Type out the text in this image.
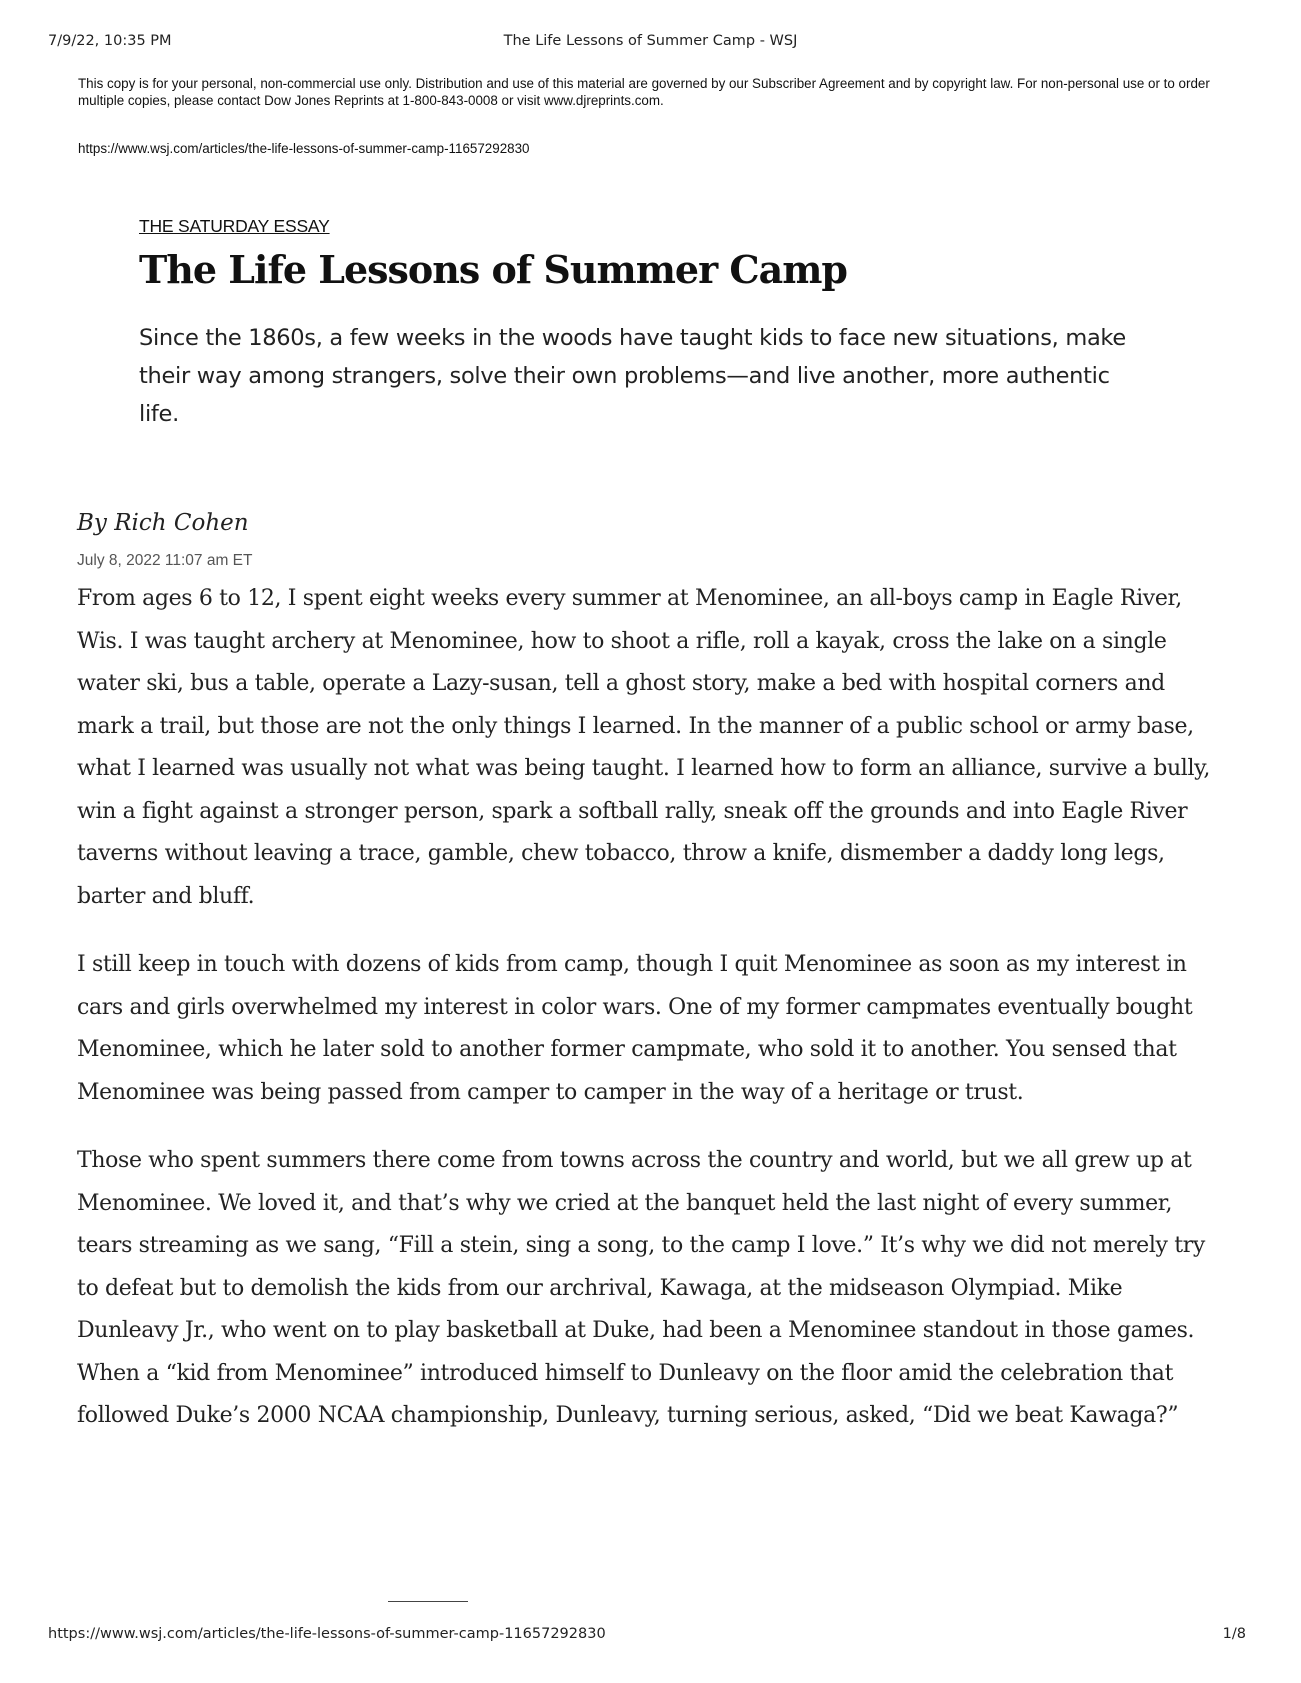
7/9/22, 10:35 PM	The Life Lessons of Summer Camp - WSJ
This copy is for your personal, non-commercial use only. Distribution and use of this material are governed by our Subscriber Agreement and by copyright law. For non-personal use or to order multiple copies, please contact Dow Jones Reprints at 1-800-843-0008 or visit www.djreprints.com.
https://www.wsj.com/articles/the-life-lessons-of-summer-camp-11657292830
THE SATURDAY ESSAY
The Life Lessons of Summer Camp

Since the 1860s, a few weeks in the woods have taught kids to face new situations, make their way among strangers, solve their own problems—and live another, more authentic life.

By Rich Cohen
July 8, 2022 11:07 am ET

From ages 6 to 12, I spent eight weeks every summer at Menominee, an all-boys camp in Eagle River, Wis. I was taught archery at Menominee, how to shoot a rifle, roll a kayak, cross the lake on a single water ski, bus a table, operate a Lazy-susan, tell a ghost story, make a bed with hospital corners and mark a trail, but those are not the only things I learned. In the manner of a public school or army base, what I learned was usually not what was being taught. I learned how to form an alliance, survive a bully, win a fight against a stronger person, spark a softball rally, sneak off the grounds and into Eagle River taverns without leaving a trace, gamble, chew tobacco, throw a knife, dismember a daddy long legs, barter and bluff.

I still keep in touch with dozens of kids from camp, though I quit Menominee as soon as my interest in cars and girls overwhelmed my interest in color wars. One of my former campmates eventually bought Menominee, which he later sold to another former campmate, who sold it to another. You sensed that Menominee was being passed from camper to camper in the way of a heritage or trust.

Those who spent summers there come from towns across the country and world, but we all grew up at Menominee. We loved it, and that’s why we cried at the banquet held the last night of every summer, tears streaming as we sang, “Fill a stein, sing a song, to the camp I love.” It’s why we did not merely try to defeat but to demolish the kids from our archrival, Kawaga, at the midseason Olympiad. Mike Dunleavy Jr., who went on to play basketball at Duke, had been a Menominee standout in those games. When a “kid from Menominee” introduced himself to Dunleavy on the floor amid the celebration that followed Duke’s 2000 NCAA championship, Dunleavy, turning serious, asked, “Did we beat Kawaga?”

https://www.wsj.com/articles/the-life-lessons-of-summer-camp-11657292830	1/8
